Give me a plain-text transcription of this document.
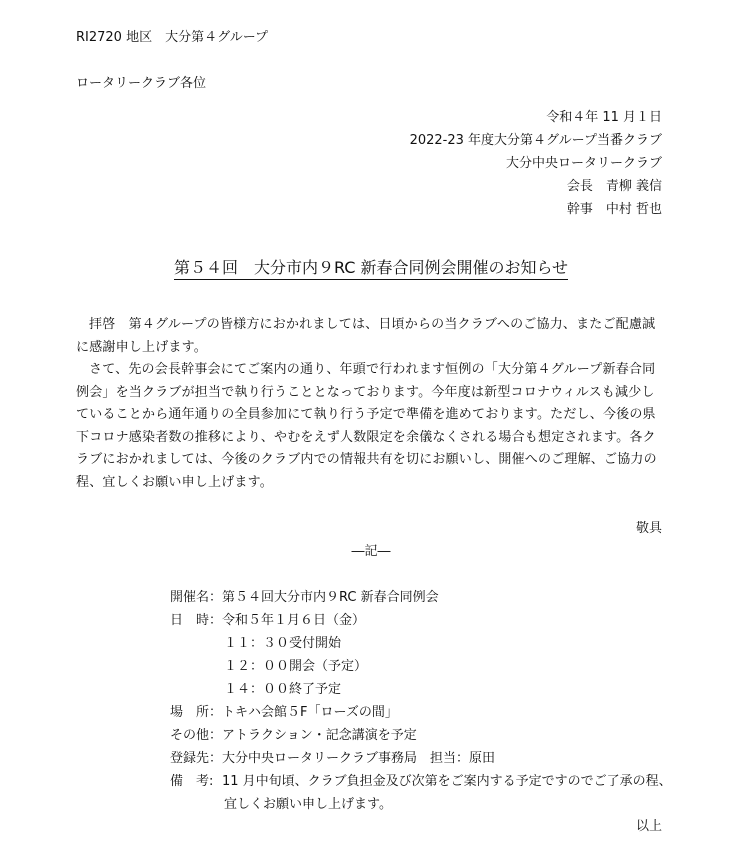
RI2720 地区　大分第４グループ
ロータリークラブ各位
令和４年 11 月１日
2022-23 年度大分第４グループ当番クラブ
大分中央ロータリークラブ
会長　青柳 義信
幹事　中村 哲也
第５４回　大分市内９RC 新春合同例会開催のお知らせ

拝啓　第４グループの皆様方におかれましては、日頃からの当クラブへのご協力、またご配慮誠に感謝申し上げます。

さて、先の会長幹事会にてご案内の通り、年頭で行われます恒例の「大分第４グループ新春合同例会」を当クラブが担当で執り行うこととなっております。今年度は新型コロナウィルスも減少していることから通年通りの全員参加にて執り行う予定で準備を進めております。ただし、今後の県下コロナ感染者数の推移により、やむをえず人数限定を余儀なくされる場合も想定されます。各クラブにおかれましては、今後のクラブ内での情報共有を切にお願いし、開催へのご理解、ご協力の程、宜しくお願い申し上げます。

敬具
―記―
開催名：第５４回大分市内９RC 新春合同例会
日　時：令和５年１月６日（金）
１１：３０受付開始
１２：００開会（予定）
１４：００終了予定
場　所：トキハ会館５F「ローズの間」
その他：アトラクション・記念講演を予定
登録先：大分中央ロータリークラブ事務局　担当：原田
備　考: 11 月中旬頃、クラブ負担金及び次第をご案内する予定ですのでご了承の程、
宜しくお願い申し上げます。
以上
